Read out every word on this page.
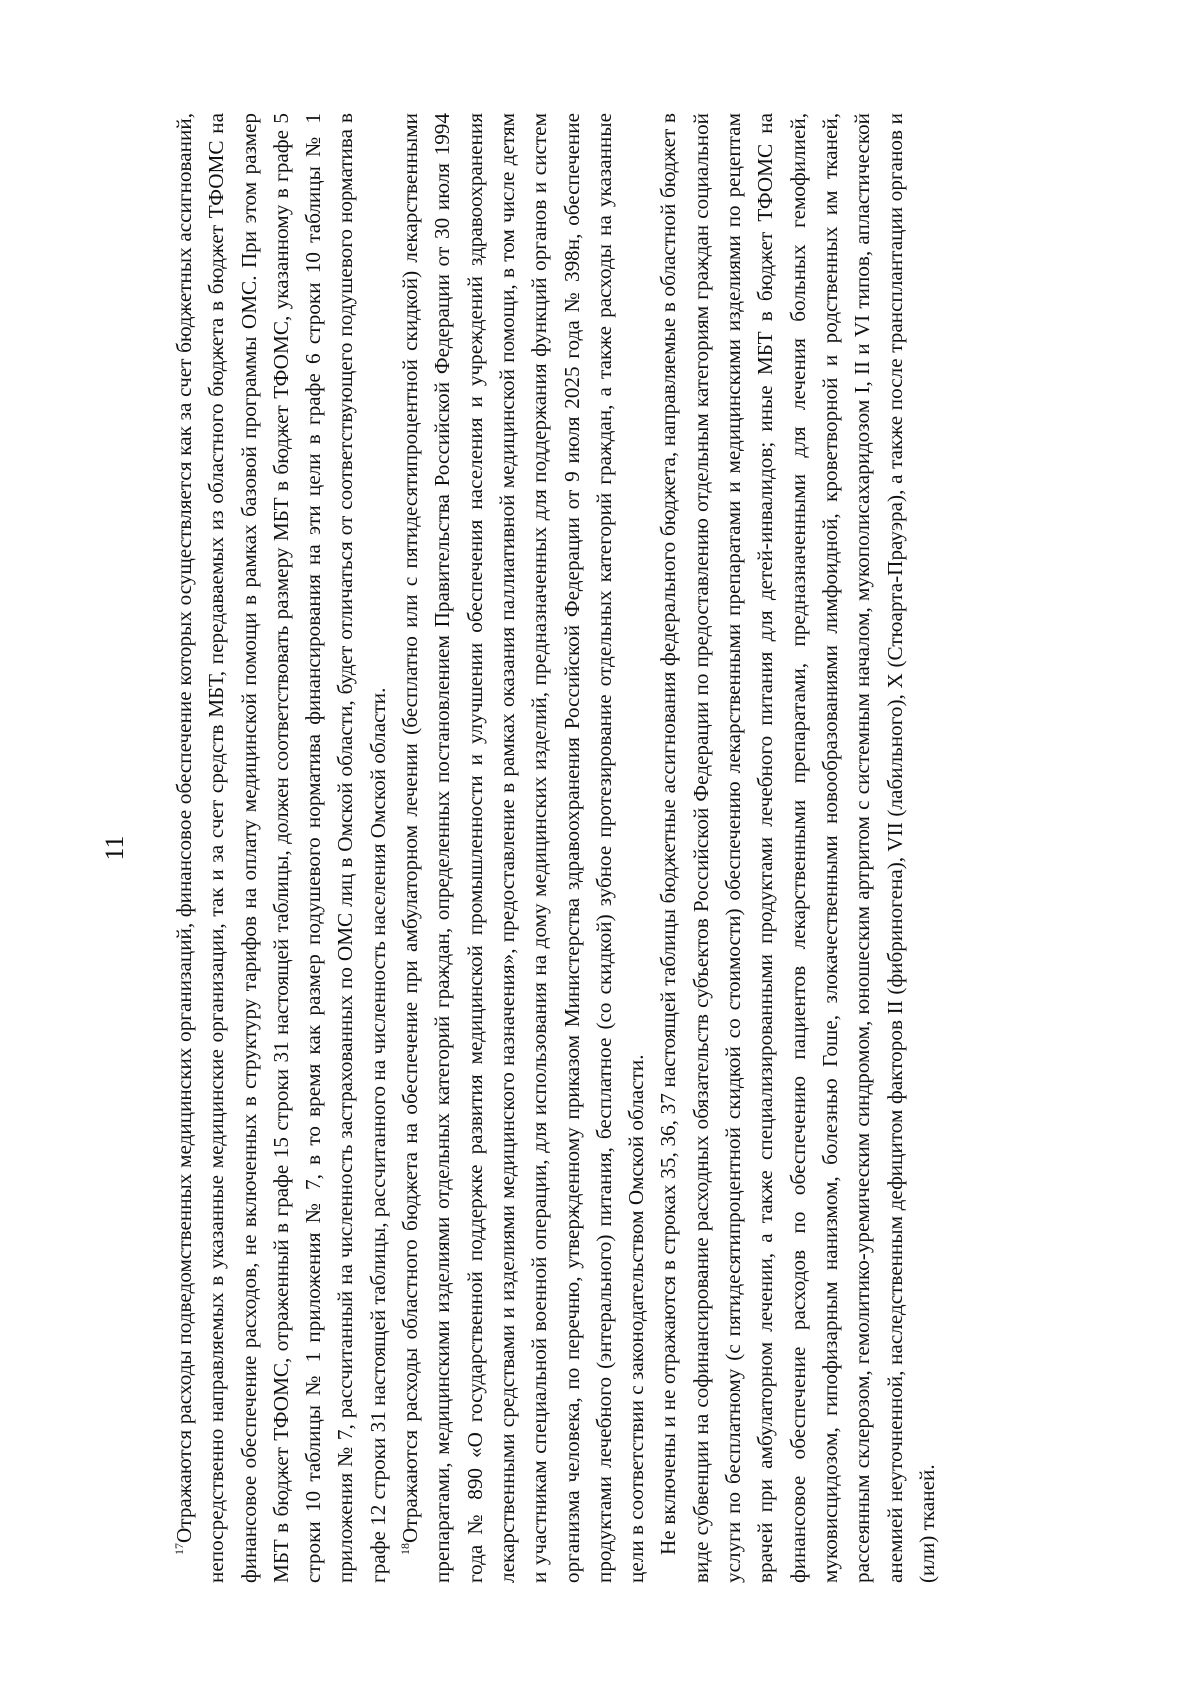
11

$^{17}$Отражаются расходы подведомственных медицинских организаций, финансовое обеспечение которых осуществляется как за счет бюджетных ассигнований, непосредственно направляемых в указанные медицинские организации, так и за счет средств МБТ, передаваемых из областного бюджета в бюджет ТФОМС на финансовое обеспечение расходов, не включенных в структуру тарифов на оплату медицинской помощи в рамках базовой программы ОМС. При этом размер МБТ в бюджет ТФОМС, отраженный в графе 15 строки 31 настоящей таблицы, должен соответствовать размеру МБТ в бюджет ТФОМС, указанному в графе 5 строки 10 таблицы № 1 приложения № 7, в то время как размер подушевого норматива финансирования на эти цели в графе 6 строки 10 таблицы № 1 приложения № 7, рассчитанный на численность застрахованных по ОМС лиц в Омской области, будет отличаться от соответствующего подушевого норматива в графе 12 строки 31 настоящей таблицы, рассчитанного на численность населения Омской области. $^{18}$Отражаются расходы областного бюджета на обеспечение при амбулаторном лечении (бесплатно или с пятидесятипроцентной скидкой) лекарственными препаратами, медицинскими изделиями отдельных категорий граждан, определенных постановлением Правительства Российской Федерации от 30 июля 1994 года № 890 «О государственной поддержке развития медицинской промышленности и улучшении обеспечения населения и учреждений здравоохранения лекарственными средствами и изделиями медицинского назначения», предоставление в рамках оказания паллиативной медицинской помощи, в том числе детям и участникам специальной военной операции, для использования на дому медицинских изделий, предназначенных для поддержания функций органов и систем организма человека, по перечню, утвержденному приказом Министерства здравоохранения Российской Федерации от 9 июля 2025 года № 398н, обеспечение продуктами лечебного (энтерального) питания, бесплатное (со скидкой) зубное протезирование отдельных категорий граждан, а также расходы на указанные цели в соответствии с законодательством Омской области. Не включены и не отражаются в строках 35, 36, 37 настоящей таблицы бюджетные ассигнования федерального бюджета, направляемые в областной бюджет в виде субвенции на софинансирование расходных обязательств субъектов Российской Федерации по предоставлению отдельным категориям граждан социальной услуги по бесплатному (с пятидесятипроцентной скидкой со стоимости) обеспечению лекарственными препаратами и медицинскими изделиями по рецептам врачей при амбулаторном лечении, а также специализированными продуктами лечебного питания для детей-инвалидов; иные МБТ в бюджет ТФОМС на финансовое обеспечение расходов по обеспечению пациентов лекарственными препаратами, предназначенными для лечения больных гемофилией, муковисцидозом, гипофизарным нанизмом, болезнью Гоше, злокачественными новообразованиями лимфоидной, кроветворной и родственных им тканей, рассеянным склерозом, гемолитико-уремическим синдромом, юношеским артритом с системным началом, мукополисахаридозом I, II и VI типов, апластической анемией неуточненной, наследственным дефицитом факторов II (фибриногена), VII (лабильного), X (Стюарта-Прауэра), а также после трансплантации органов и (или) тканей.
